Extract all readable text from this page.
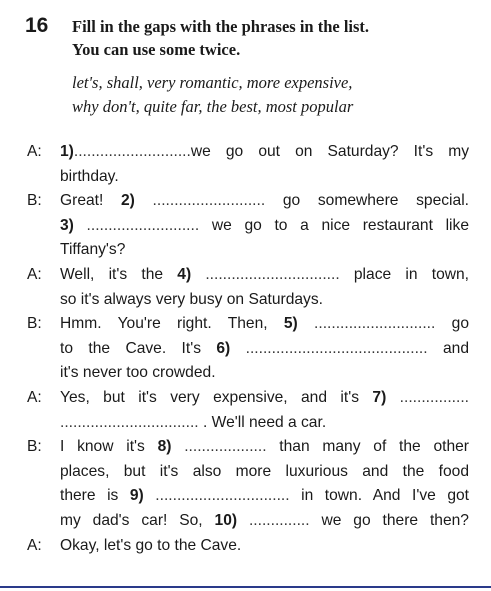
16 Fill in the gaps with the phrases in the list.
You can use some twice.
let's, shall, very romantic, more expensive,
why don't, quite far, the best, most popular
A: 1)...........................we go out on Saturday? It's my
birthday.
B: Great! 2) .......................... go somewhere special.
3) .......................... we go to a nice restaurant like
Tiffany's?
A: Well, it's the 4) ............................... place in town,
so it's always very busy on Saturdays.
B: Hmm. You're right. Then, 5) ............................ go
to the Cave. It's 6) .......................................... and
it's never too crowded.
A: Yes, but it's very expensive, and it's 7) ................
................................ . We'll need a car.
B: I know it's 8) ................... than many of the other
places, but it's also more luxurious and the food
there is 9) ............................... in town. And I've got
my dad's car! So, 10) .............. we go there then?
A: Okay, let's go to the Cave.
